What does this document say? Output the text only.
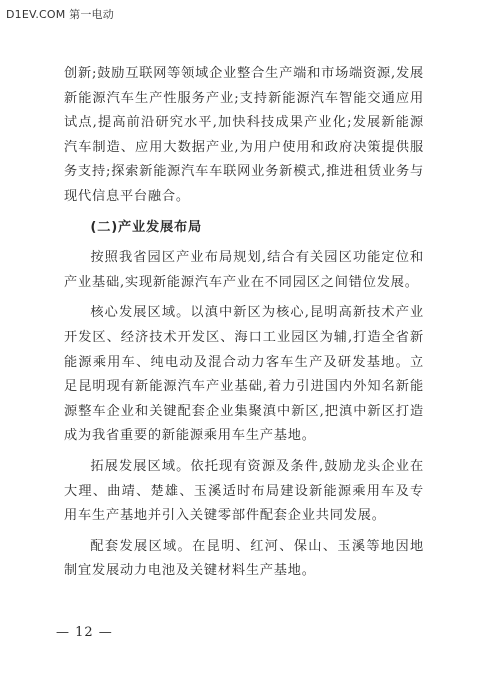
D1EV.COM 第一电动

创新;鼓励互联网等领域企业整合生产端和市场端资源,发展新能源汽车生产性服务产业;支持新能源汽车智能交通应用试点,提高前沿研究水平,加快科技成果产业化;发展新能源汽车制造、应用大数据产业,为用户使用和政府决策提供服务支持;探索新能源汽车车联网业务新模式,推进租赁业务与现代信息平台融合。

(二)产业发展布局

按照我省园区产业布局规划,结合有关园区功能定位和产业基础,实现新能源汽车产业在不同园区之间错位发展。

核心发展区域。以滇中新区为核心,昆明高新技术产业开发区、经济技术开发区、海口工业园区为辅,打造全省新能源乘用车、纯电动及混合动力客车生产及研发基地。立足昆明现有新能源汽车产业基础,着力引进国内外知名新能源整车企业和关键配套企业集聚滇中新区,把滇中新区打造成为我省重要的新能源乘用车生产基地。

拓展发展区域。依托现有资源及条件,鼓励龙头企业在大理、曲靖、楚雄、玉溪适时布局建设新能源乘用车及专用车生产基地并引入关键零部件配套企业共同发展。

配套发展区域。在昆明、红河、保山、玉溪等地因地制宜发展动力电池及关键材料生产基地。

— 12 —
